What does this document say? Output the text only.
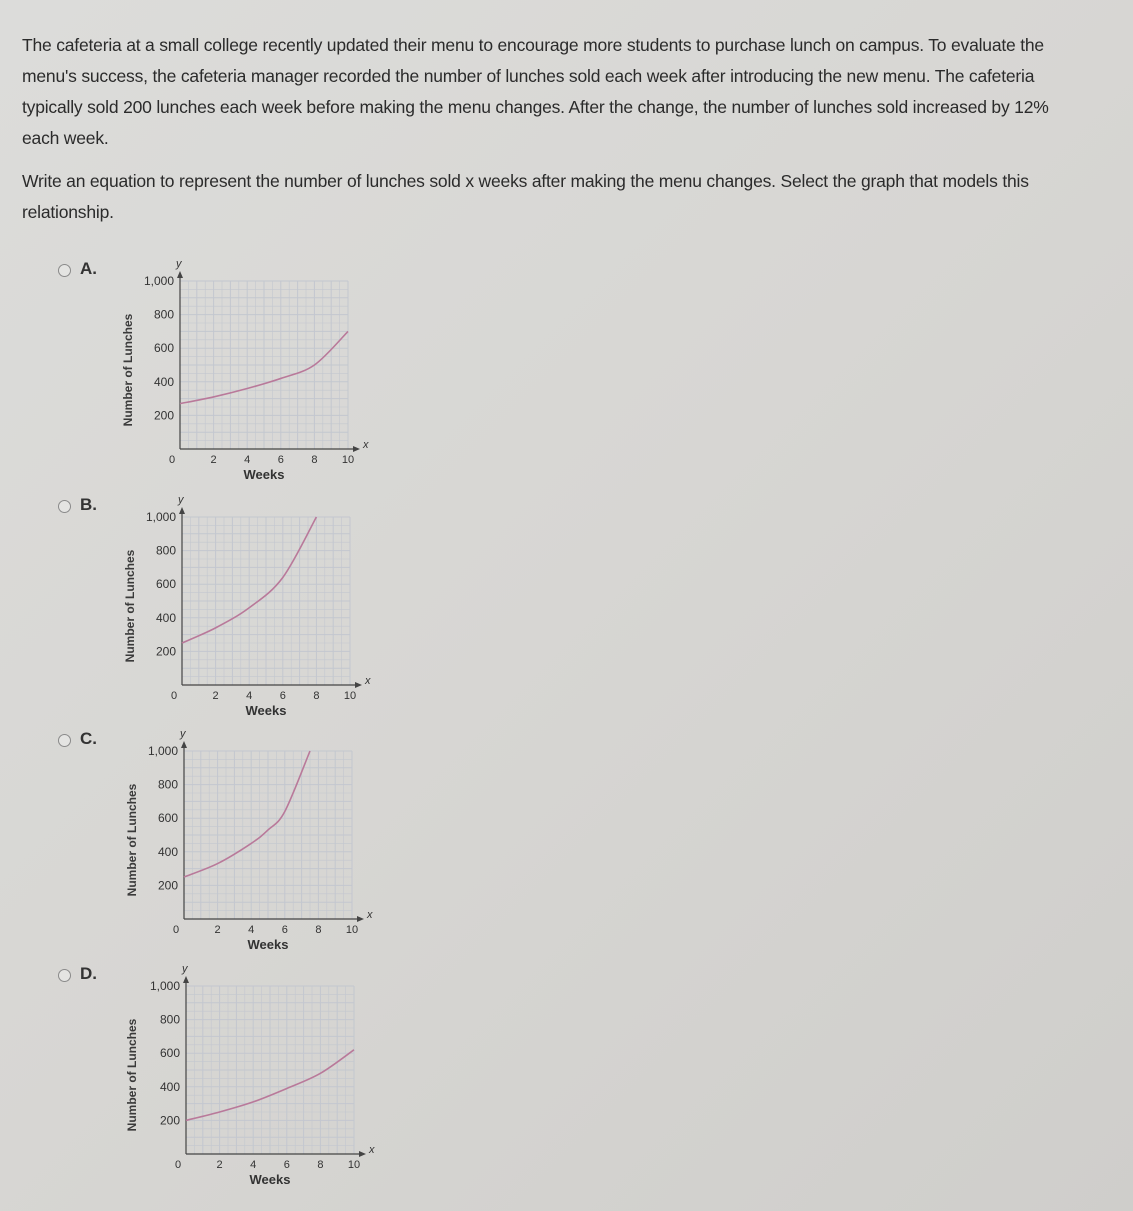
The cafeteria at a small college recently updated their menu to encourage more students to purchase lunch on campus. To evaluate the menu's success, the cafeteria manager recorded the number of lunches sold each week after introducing the new menu. The cafeteria typically sold 200 lunches each week before making the menu changes. After the change, the number of lunches sold increased by 12% each week.

Write an equation to represent the number of lunches sold x weeks after making the menu changes. Select the graph that models this relationship.

A.
Number of Lunches
x
y
200
400
600
800
1,000
0	2 4 6 8 10
Weeks
B.
Number of Lunches
x
y
200
400
600
800
1,000
0	2 4 6 8 10
Weeks
C.
Number of Lunches
x
y
200
400
600
800
1,000
0	2 4 6 8 10
Weeks
D.
Number of Lunches
x
y
200
400
600
800
1,000
0	2 4 6 8 10
Weeks
